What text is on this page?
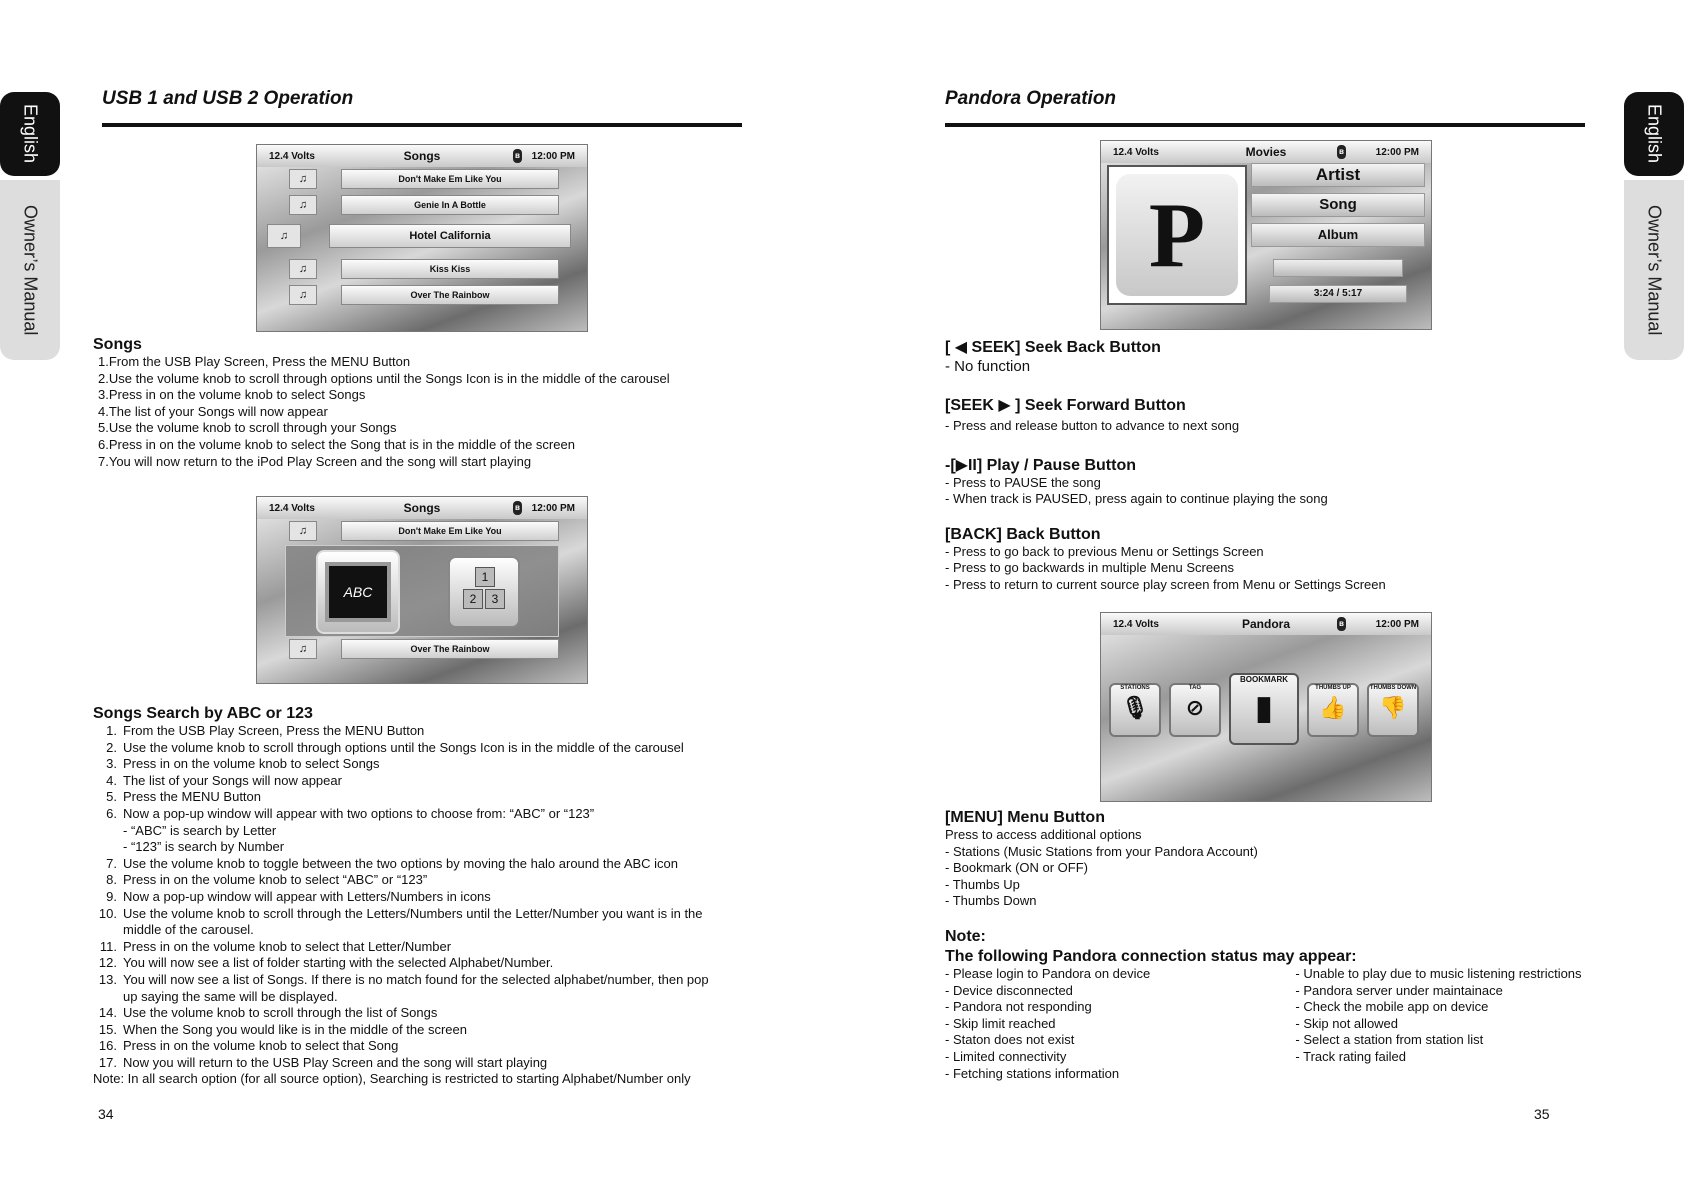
English
Owner’s Manual
English
Owner’s Manual
USB 1 and USB 2 Operation
12.4 Volts	Songs	ʙ 12:00 PM
♫	Don't Make Em Like You
♫	Genie In A Bottle
♫	Hotel California
♫	Kiss Kiss
♫	Over The Rainbow

Songs

1.From the USB Play Screen, Press the MENU Button

2.Use the volume knob to scroll through options until the Songs Icon is in the middle of the carousel

3.Press in on the volume knob to select Songs

4.The list of your Songs will now appear

5.Use the volume knob to scroll through your Songs

6.Press in on the volume knob to select the Song that is in the middle of the screen

7.You will now return to the iPod Play Screen and the song will start playing

12.4 Volts	Songs	ʙ 12:00 PM
♫	Don't Make Em Like You
ABC
1
2	3
♫	Over The Rainbow

Songs Search by ABC or 123

1. From the USB Play Screen, Press the MENU Button
2. Use the volume knob to scroll through options until the Songs Icon is in the middle of the carousel
3. Press in on the volume knob to select Songs
4. The list of your Songs will now appear
5. Press the MENU Button
6. Now a pop-up window will appear with two options to choose from: “ABC” or “123”
- “ABC” is search by Letter
- “123” is search by Number
7. Use the volume knob to toggle between the two options by moving the halo around the ABC icon
8. Press in on the volume knob to select “ABC” or “123”
9. Now a pop-up window will appear with Letters/Numbers in icons
10. Use the volume knob to scroll through the Letters/Numbers until the Letter/Number you want is in the
middle of the carousel.
11. Press in on the volume knob to select that Letter/Number
12. You will now see a list of folder starting with the selected Alphabet/Number.
13. You will now see a list of Songs. If there is no match found for the selected alphabet/number, then pop
up saying the same will be displayed.
14. Use the volume knob to scroll through the list of Songs
15. When the Song you would like is in the middle of the screen
16. Press in on the volume knob to select that Song
17. Now you will return to the USB Play Screen and the song will start playing

Note: In all search option (for all source option), Searching is restricted to starting Alphabet/Number only

34
Pandora Operation
12.4 Volts	Movies	ʙ	12:00 PM
P
Artist
Song
Album
3:24 / 5:17

[ ◀ SEEK] Seek Back Button

- No function

[SEEK ▶ ] Seek Forward Button

- Press and release button to advance to next song

-[▶II] Play / Pause Button

- Press to PAUSE the song

- When track is PAUSED, press again to continue playing the song

[BACK] Back Button

- Press to go back to previous Menu or Settings Screen

- Press to go backwards in multiple Menu Screens

- Press to return to current source play screen from Menu or Settings Screen

12.4 Volts	Pandora	ʙ	12:00 PM
STATIONS
🎙
TAG
⊘
BOOKMARK
▮
THUMBS UP
👍
THUMBS DOWN
👎

[MENU] Menu Button

Press to access additional options

- Stations (Music Stations from your Pandora Account)

- Bookmark (ON or OFF)

- Thumbs Up

- Thumbs Down

Note:

The following Pandora connection status may appear:

- Please login to Pandora on device
- Device disconnected
- Pandora not responding
- Skip limit reached
- Staton does not exist
- Limited connectivity
- Fetching stations information
- Unable to play due to music listening restrictions
- Pandora server under maintainace
- Check the mobile app on device
- Skip not allowed
- Select a station from station list
- Track rating failed
35
